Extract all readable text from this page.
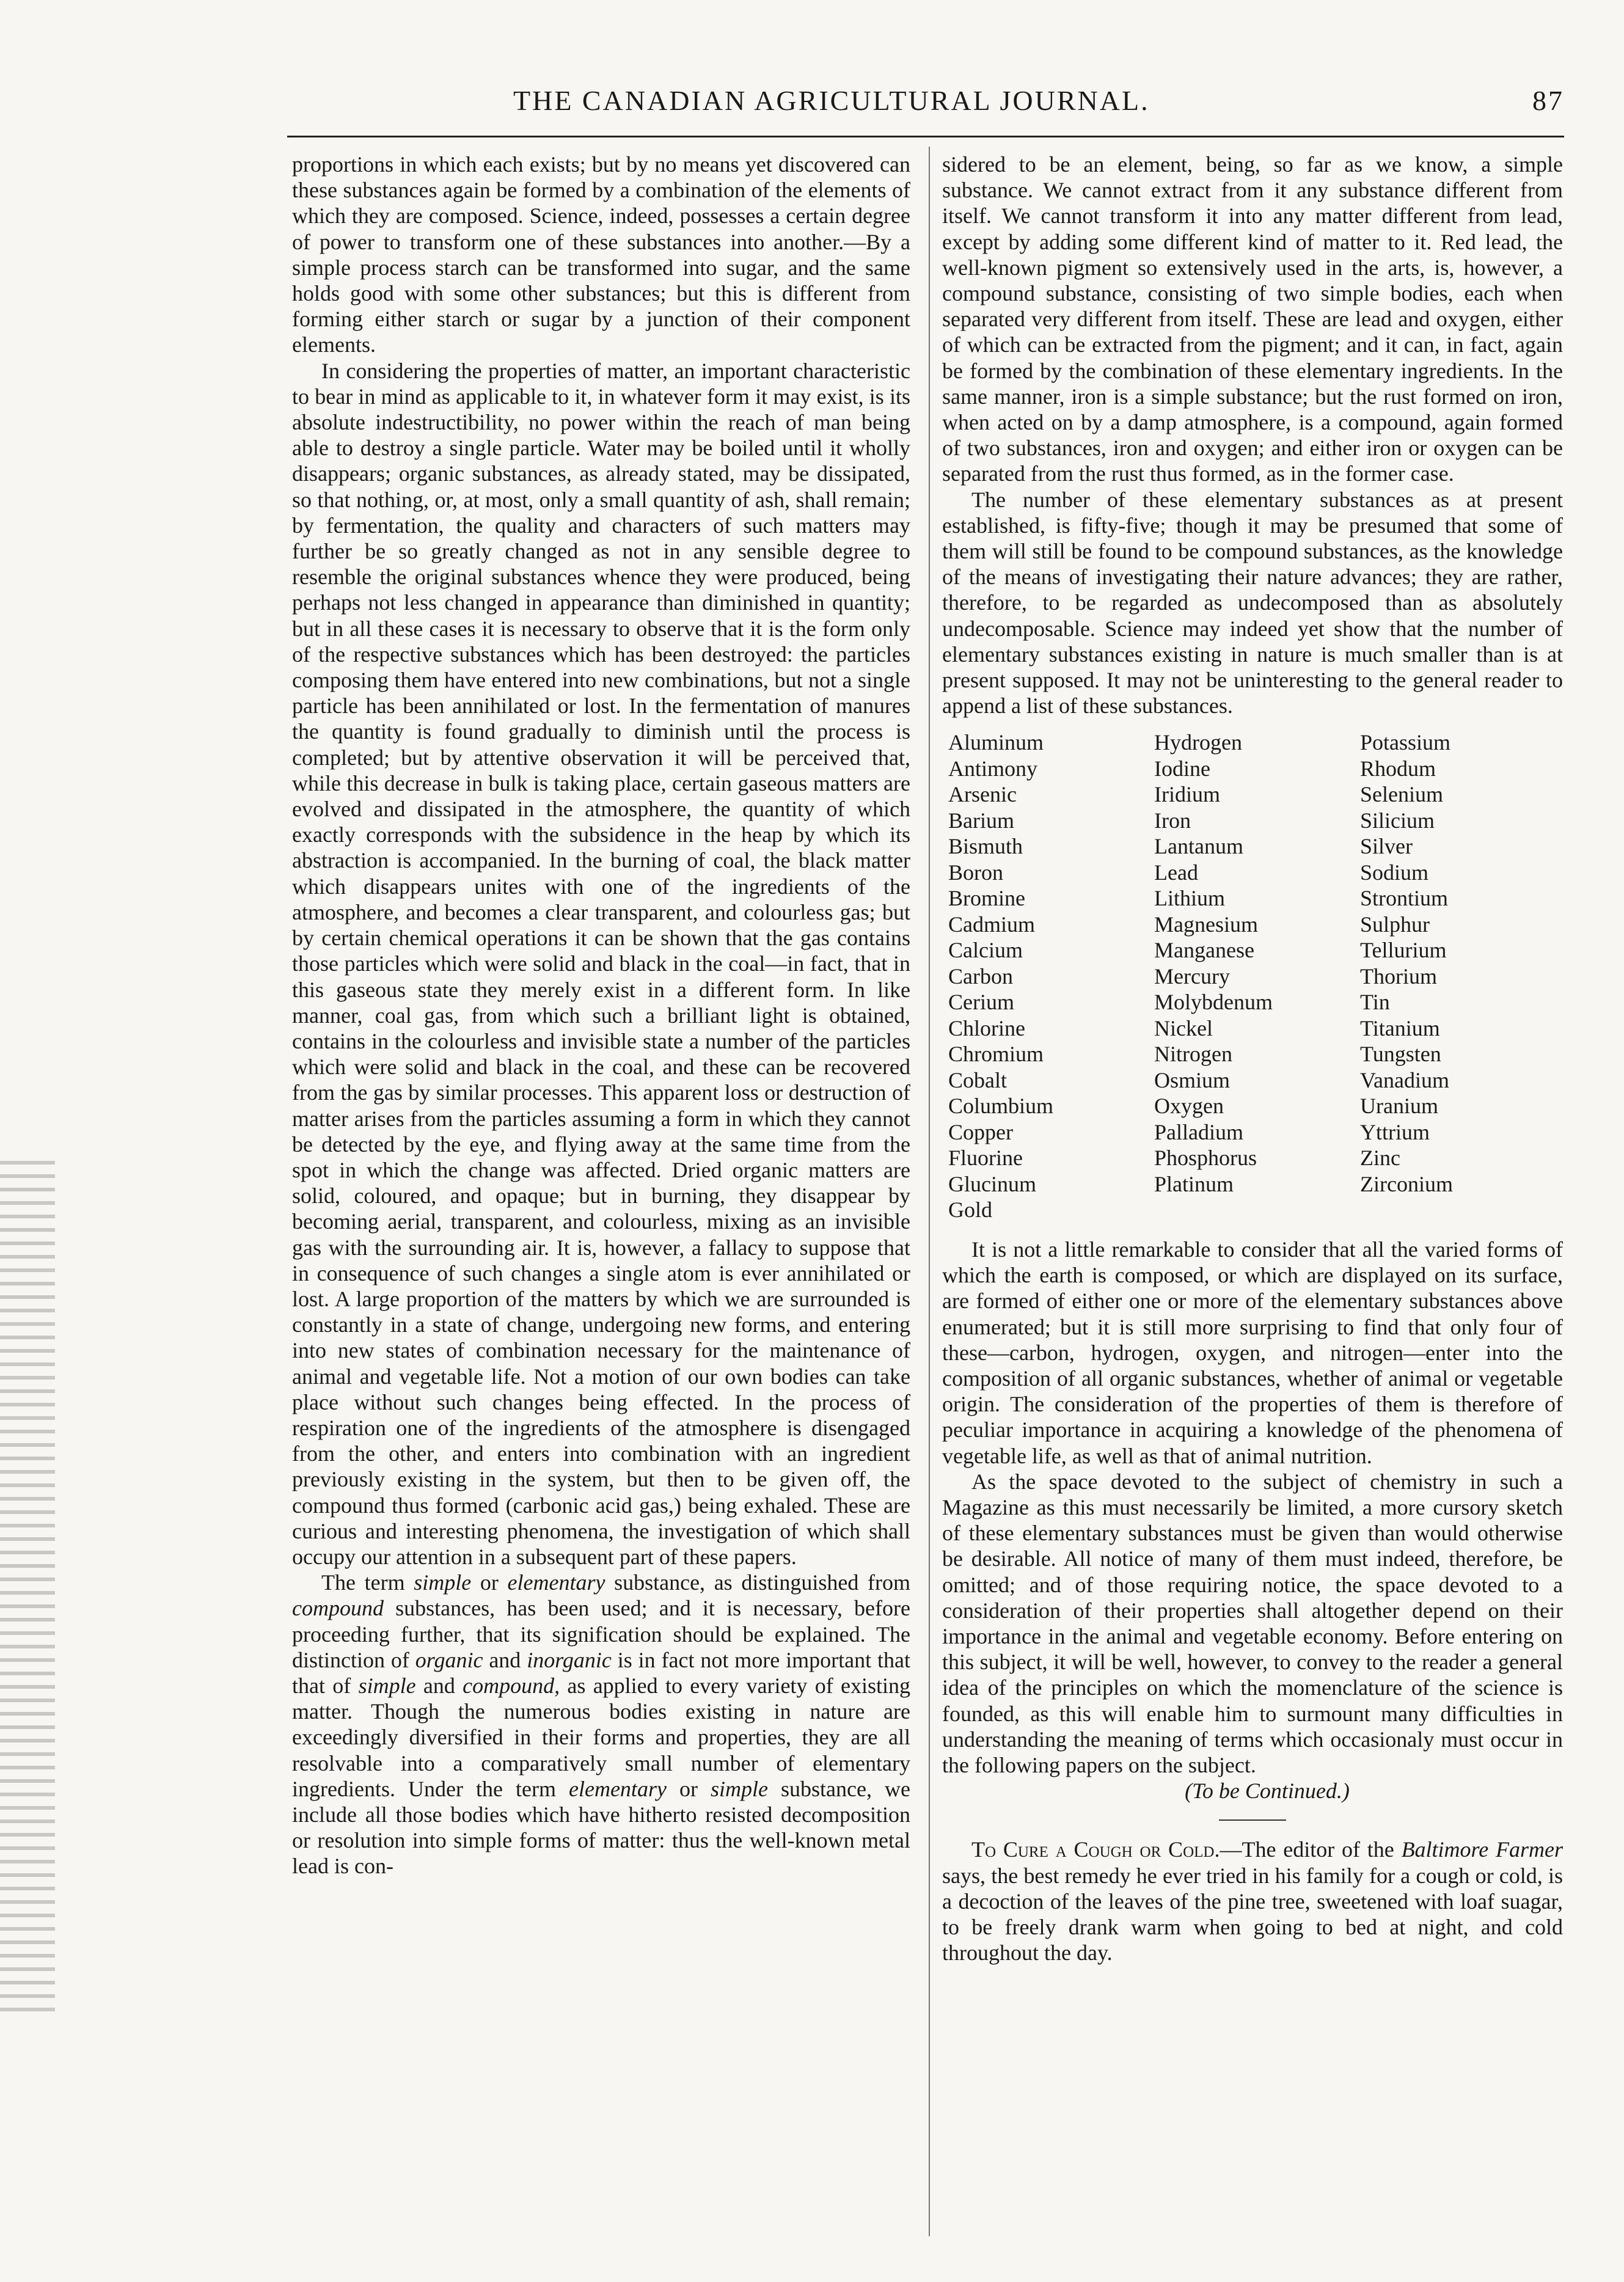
THE CANADIAN AGRICULTURAL JOURNAL.	87

proportions in which each exists; but by no means yet discovered can these substances again be formed by a combination of the elements of which they are composed. Science, indeed, possesses a certain degree of power to transform one of these substances into another.—By a simple process starch can be transformed into sugar, and the same holds good with some other substances; but this is different from forming either starch or sugar by a junction of their component elements.

In considering the properties of matter, an important characteristic to bear in mind as applicable to it, in whatever form it may exist, is its absolute indestructibility, no power within the reach of man being able to destroy a single particle. Water may be boiled until it wholly disappears; organic substances, as already stated, may be dissipated, so that nothing, or, at most, only a small quantity of ash, shall remain; by fermentation, the quality and characters of such matters may further be so greatly changed as not in any sensible degree to resemble the original substances whence they were produced, being perhaps not less changed in appearance than diminished in quantity; but in all these cases it is necessary to observe that it is the form only of the respective substances which has been destroyed: the particles composing them have entered into new combinations, but not a single particle has been annihilated or lost. In the fermentation of manures the quantity is found gradually to diminish until the process is completed; but by attentive observation it will be perceived that, while this decrease in bulk is taking place, certain gaseous matters are evolved and dissipated in the atmosphere, the quantity of which exactly corresponds with the subsidence in the heap by which its abstraction is accompanied. In the burning of coal, the black matter which disappears unites with one of the ingredients of the atmosphere, and becomes a clear transparent, and colourless gas; but by certain chemical operations it can be shown that the gas contains those particles which were solid and black in the coal—in fact, that in this gaseous state they merely exist in a different form. In like manner, coal gas, from which such a brilliant light is obtained, contains in the colourless and invisible state a number of the particles which were solid and black in the coal, and these can be recovered from the gas by similar processes. This apparent loss or destruction of matter arises from the particles assuming a form in which they cannot be detected by the eye, and flying away at the same time from the spot in which the change was affected. Dried organic matters are solid, coloured, and opaque; but in burning, they disappear by becoming aerial, transparent, and colourless, mixing as an invisible gas with the surrounding air. It is, however, a fallacy to suppose that in consequence of such changes a single atom is ever annihilated or lost. A large proportion of the matters by which we are surrounded is constantly in a state of change, undergoing new forms, and entering into new states of combination necessary for the maintenance of animal and vegetable life. Not a motion of our own bodies can take place without such changes being effected. In the process of respiration one of the ingredients of the atmosphere is disengaged from the other, and enters into combination with an ingredient previously existing in the system, but then to be given off, the compound thus formed (carbonic acid gas,) being exhaled. These are curious and interesting phenomena, the investigation of which shall occupy our attention in a subsequent part of these papers.

The term simple or elementary substance, as distinguished from compound substances, has been used; and it is necessary, before proceeding further, that its signification should be explained. The distinction of organic and inorganic is in fact not more important that that of simple and compound, as applied to every variety of existing matter. Though the numerous bodies existing in nature are exceedingly diversified in their forms and properties, they are all resolvable into a comparatively small number of elementary ingredients. Under the term elementary or simple substance, we include all those bodies which have hitherto resisted decomposition or resolution into simple forms of matter: thus the well-known metal lead is con-

sidered to be an element, being, so far as we know, a simple substance. We cannot extract from it any substance different from itself. We cannot transform it into any matter different from lead, except by adding some different kind of matter to it. Red lead, the well-known pigment so extensively used in the arts, is, however, a compound substance, consisting of two simple bodies, each when separated very different from itself. These are lead and oxygen, either of which can be extracted from the pigment; and it can, in fact, again be formed by the combination of these elementary ingredients. In the same manner, iron is a simple substance; but the rust formed on iron, when acted on by a damp atmosphere, is a compound, again formed of two substances, iron and oxygen; and either iron or oxygen can be separated from the rust thus formed, as in the former case.

The number of these elementary substances as at present established, is fifty-five; though it may be presumed that some of them will still be found to be compound substances, as the knowledge of the means of investigating their nature advances; they are rather, therefore, to be regarded as undecomposed than as absolutely undecomposable. Science may indeed yet show that the number of elementary substances existing in nature is much smaller than is at present supposed. It may not be uninteresting to the general reader to append a list of these substances.

Aluminum
Antimony
Arsenic
Barium
Bismuth
Boron
Bromine
Cadmium
Calcium
Carbon
Cerium
Chlorine
Chromium
Cobalt
Columbium
Copper
Fluorine
Glucinum
Gold
Hydrogen
Iodine
Iridium
Iron
Lantanum
Lead
Lithium
Magnesium
Manganese
Mercury
Molybdenum
Nickel
Nitrogen
Osmium
Oxygen
Palladium
Phosphorus
Platinum
Potassium
Rhodum
Selenium
Silicium
Silver
Sodium
Strontium
Sulphur
Tellurium
Thorium
Tin
Titanium
Tungsten
Vanadium
Uranium
Yttrium
Zinc
Zirconium

It is not a little remarkable to consider that all the varied forms of which the earth is composed, or which are displayed on its surface, are formed of either one or more of the elementary substances above enumerated; but it is still more surprising to find that only four of these—carbon, hydrogen, oxygen, and nitrogen—enter into the composition of all organic substances, whether of animal or vegetable origin. The consideration of the properties of them is therefore of peculiar importance in acquiring a knowledge of the phenomena of vegetable life, as well as that of animal nutrition.

As the space devoted to the subject of chemistry in such a Magazine as this must necessarily be limited, a more cursory sketch of these elementary substances must be given than would otherwise be desirable. All notice of many of them must indeed, therefore, be omitted; and of those requiring notice, the space devoted to a consideration of their properties shall altogether depend on their importance in the animal and vegetable economy. Before entering on this subject, it will be well, however, to convey to the reader a general idea of the principles on which the momenclature of the science is founded, as this will enable him to surmount many difficulties in understanding the meaning of terms which occasionaly must occur in the following papers on the subject.

(To be Continued.)

To Cure a Cough or Cold.—The editor of the Baltimore Farmer says, the best remedy he ever tried in his family for a cough or cold, is a decoction of the leaves of the pine tree, sweetened with loaf suagar, to be freely drank warm when going to bed at night, and cold throughout the day.
